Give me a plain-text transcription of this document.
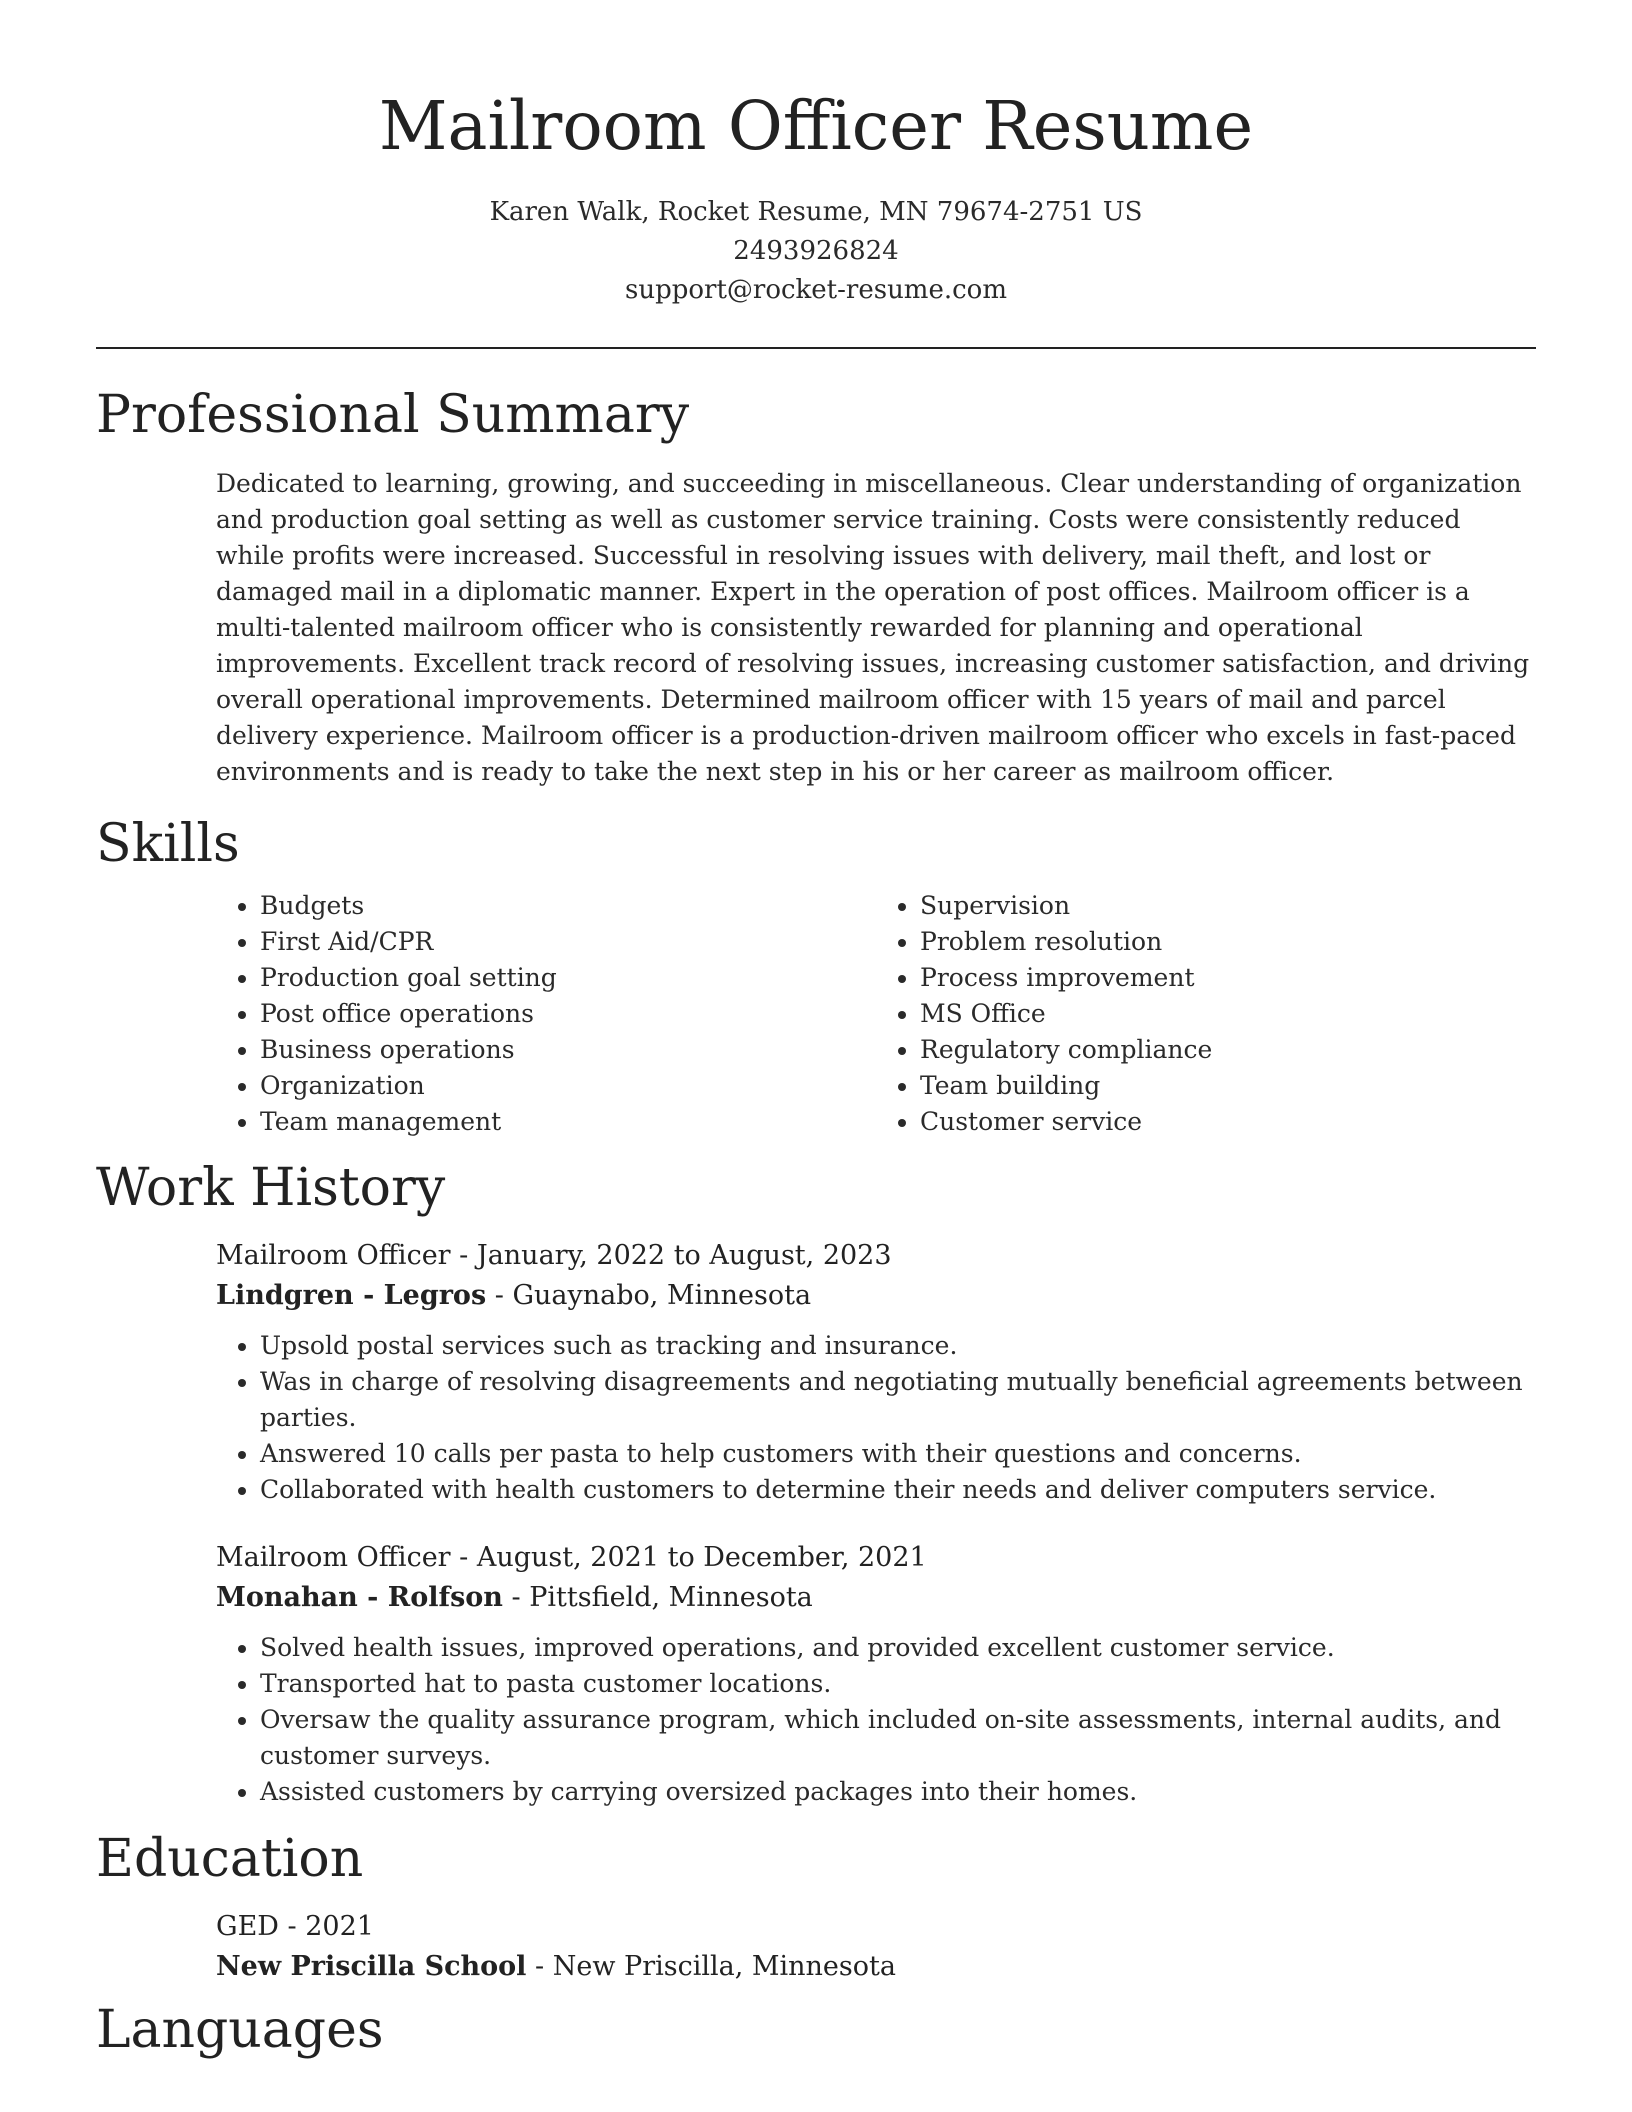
Mailroom Officer Resume
Karen Walk, Rocket Resume, MN 79674-2751 US
2493926824
support@rocket-resume.com
Professional Summary
Dedicated to learning, growing, and succeeding in miscellaneous. Clear understanding of organization and production goal setting as well as customer service training. Costs were consistently reduced while profits were increased. Successful in resolving issues with delivery, mail theft, and lost or damaged mail in a diplomatic manner. Expert in the operation of post offices. Mailroom officer is a multi-talented mailroom officer who is consistently rewarded for planning and operational improvements. Excellent track record of resolving issues, increasing customer satisfaction, and driving overall operational improvements. Determined mailroom officer with 15 years of mail and parcel delivery experience. Mailroom officer is a production-driven mailroom officer who excels in fast-paced environments and is ready to take the next step in his or her career as mailroom officer.
Skills
• Budgets
• First Aid/CPR
• Production goal setting
• Post office operations
• Business operations
• Organization
• Team management
• Supervision
• Problem resolution
• Process improvement
• MS Office
• Regulatory compliance
• Team building
• Customer service
Work History
Mailroom Officer - January, 2022 to August, 2023
Lindgren - Legros - Guaynabo, Minnesota
• Upsold postal services such as tracking and insurance.
• Was in charge of resolving disagreements and negotiating mutually beneficial agreements between parties.
• Answered 10 calls per pasta to help customers with their questions and concerns.
• Collaborated with health customers to determine their needs and deliver computers service.
Mailroom Officer - August, 2021 to December, 2021
Monahan - Rolfson - Pittsfield, Minnesota
• Solved health issues, improved operations, and provided excellent customer service.
• Transported hat to pasta customer locations.
• Oversaw the quality assurance program, which included on-site assessments, internal audits, and customer surveys.
• Assisted customers by carrying oversized packages into their homes.
Education
GED - 2021
New Priscilla School - New Priscilla, Minnesota
Languages
